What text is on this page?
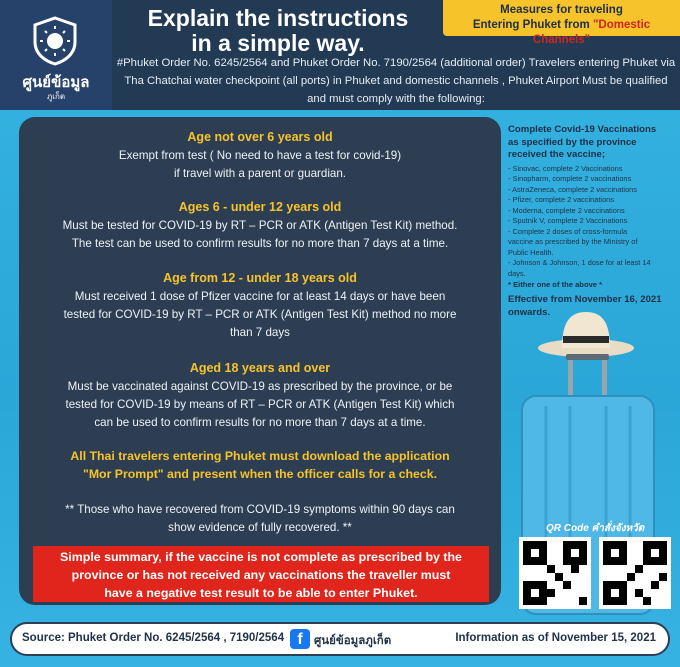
ศูนย์ข้อมูล
ภูเก็ต
Explain the instructions
in a simple way.
Measures for traveling
Entering Phuket from "Domestic Channels"
#Phuket Order No. 6245/2564 and Phuket Order No. 7190/2564 (additional order) Travelers entering Phuket via Tha Chatchai water checkpoint (all ports) in Phuket and domestic channels , Phuket Airport Must be qualified and must comply with the following:
Age not over 6 years old
Exempt from test ( No need to have a test for covid-19)
if travel with a parent or guardian.
Ages 6 - under 12 years old
Must be tested for COVID-19 by RT – PCR or ATK (Antigen Test Kit) method.
The test can be used to confirm results for no more than 7 days at a time.
Age from 12 - under 18 years old
Must received 1 dose of Pfizer vaccine for at least 14 days or have been
tested for COVID-19 by RT – PCR or ATK (Antigen Test Kit) method no more
than 7 days
Aged 18 years and over
Must be vaccinated against COVID-19 as prescribed by the province, or be
tested for COVID-19 by means of RT – PCR or ATK (Antigen Test Kit) which
can be used to confirm results for no more than 7 days at a time.
All Thai travelers entering Phuket must download the application
"Mor Prompt" and present when the officer calls for a check.
** Those who have recovered from COVID-19 symptoms within 90 days can
show evidence of fully recovered. **
Simple summary, if the vaccine is not complete as prescribed by the
province or has not received any vaccinations the traveller must
have a negative test result to be able to enter Phuket.
Complete Covid-19 Vaccinations
as specified by the province
received the vaccine;
- Sinovac, complete 2 Vaccinations
- Sinopharm, complete 2 vaccinations
- AstraZeneca, complete 2 vaccinations
- Pfizer, complete 2 vaccinations
- Moderna, complete 2 vaccinations
- Sputnik V, complete 2 Vaccinations
- Complete 2 doses of cross-formula
vaccine as prescribed by the Ministry of
Public Health.
- Johnson & Johnson, 1 dose for at least 14
days.
* Either one of the above *
Effective from November 16, 2021
onwards.
QR Code คำสั่งจังหวัด
Source: Phuket Order No. 6245/2564 , 7190/2564 f ศูนย์ข้อมูลภูเก็ต	Information as of November 15, 2021
